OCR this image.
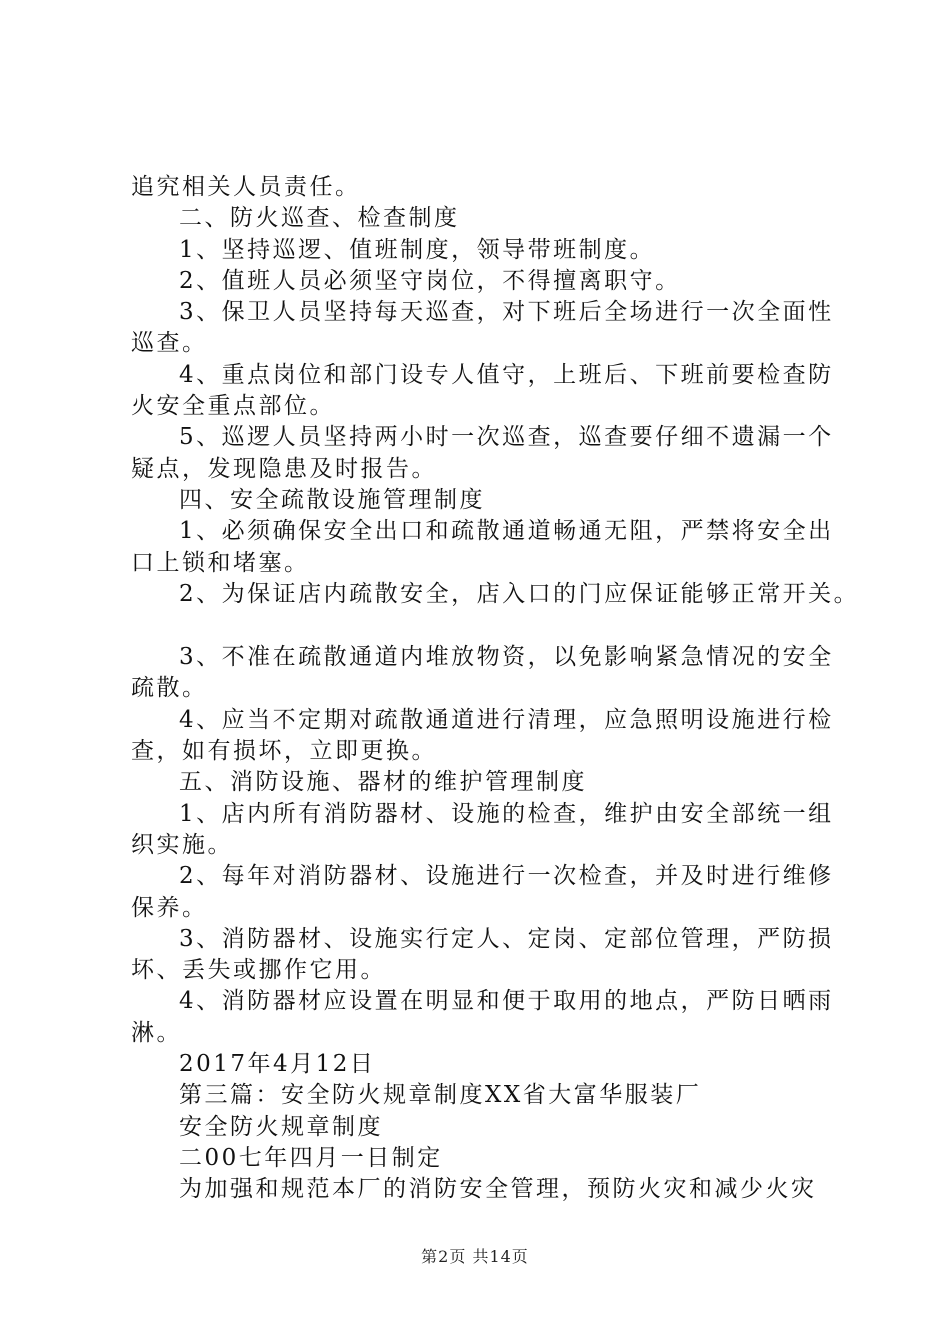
追究相关人员责任。
二、防火巡查、检查制度
1、坚持巡逻、值班制度，领导带班制度。
2、值班人员必须坚守岗位，不得擅离职守。
3、保卫人员坚持每天巡查，对下班后全场进行一次全面性
巡查。
4、重点岗位和部门设专人值守，上班后、下班前要检查防
火安全重点部位。
5、巡逻人员坚持两小时一次巡查，巡查要仔细不遗漏一个
疑点，发现隐患及时报告。
四、安全疏散设施管理制度
1、必须确保安全出口和疏散通道畅通无阻，严禁将安全出
口上锁和堵塞。
2、为保证店内疏散安全，店入口的门应保证能够正常开关。
3、不准在疏散通道内堆放物资，以免影响紧急情况的安全
疏散。
4、应当不定期对疏散通道进行清理，应急照明设施进行检
查，如有损坏，立即更换。
五、消防设施、器材的维护管理制度
1、店内所有消防器材、设施的检查，维护由安全部统一组
织实施。
2、每年对消防器材、设施进行一次检查，并及时进行维修
保养。
3、消防器材、设施实行定人、定岗、定部位管理，严防损
坏、丢失或挪作它用。
4、消防器材应设置在明显和便于取用的地点，严防日晒雨
淋。
2017年4月12日
第三篇：安全防火规章制度XX省大富华服装厂
安全防火规章制度
二00七年四月一日制定
为加强和规范本厂的消防安全管理，预防火灾和减少火灾
第2页 共14页
